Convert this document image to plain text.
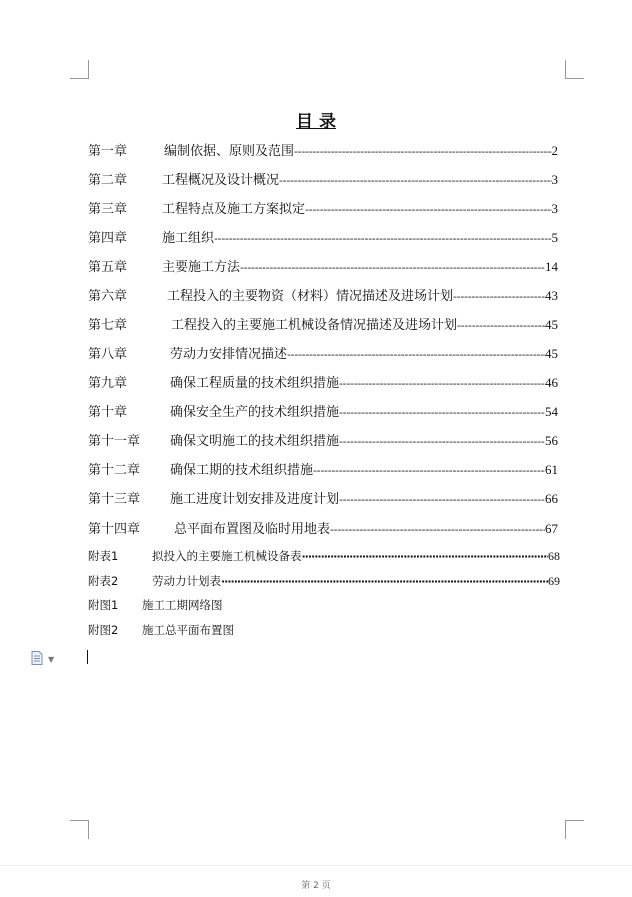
目 录
第一章	编制依据、原则及范围 -----	2
第二章	工程概况及设计概况 -----	3
第三章	工程特点及施工方案拟定 -----	3
第四章	施工组织 -----	5
第五章	主要施工方法 -----	14
第六章	工程投入的主要物资（材料）情况描述及进场计划 -----	43
第七章	工程投入的主要施工机械设备情况描述及进场计划 -----	45
第八章	劳动力安排情况描述 -----	45
第九章	确保工程质量的技术组织措施 -----	46
第十章	确保安全生产的技术组织措施 -----	54
第十一章	确保文明施工的技术组织措施 -----	56
第十二章	确保工期的技术组织措施 -----	61
第十三章	施工进度计划安排及进度计划 -----	66
第十四章	总平面布置图及临时用地表 -----	67
附表1	拟投入的主要施工机械设备表 ·····	68
附表2	劳动力计划表 ·····	69
附图1	施工工期网络图
附图2	施工总平面布置图
▼
第 2 页
